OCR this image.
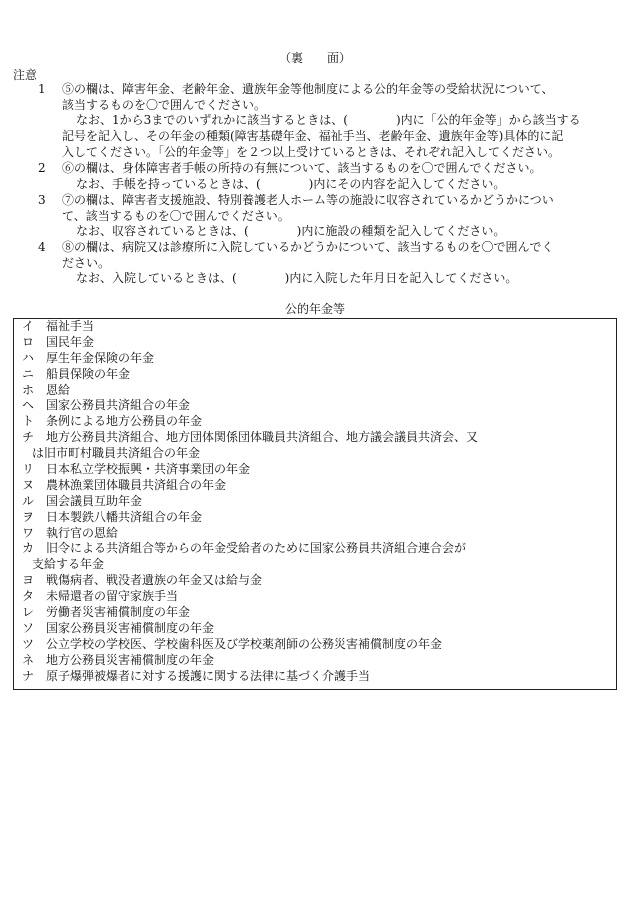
（裏　　面）
注意
1	⑤の欄は、障害年金、老齢年金、遺族年金等他制度による公的年金等の受給状況について、
該当するものを〇で囲んでください。
なお、1から3までのいずれかに該当するときは、(　　　　)内に「公的年金等」から該当する
記号を記入し、その年金の種類(障害基礎年金、福祉手当、老齢年金、遺族年金等)具体的に記
入してください。「公的年金等」を２つ以上受けているときは、それぞれ記入してください。
2	⑥の欄は、身体障害者手帳の所持の有無について、該当するものを〇で囲んでください。
なお、手帳を持っているときは、(　　　　)内にその内容を記入してください。
3	⑦の欄は、障害者支援施設、特別養護老人ホーム等の施設に収容されているかどうかについ
て、該当するものを〇で囲んでください。
なお、収容されているときは、(　　　　)内に施設の種類を記入してください。
4	⑧の欄は、病院又は診療所に入院しているかどうかについて、該当するものを〇で囲んでく
ださい。
なお、入院しているときは、(　　　　)内に入院した年月日を記入してください。
公的年金等
イ 福祉手当
ロ 国民年金
ハ 厚生年金保険の年金
ニ 船員保険の年金
ホ 恩給
ヘ 国家公務員共済組合の年金
ト 条例による地方公務員の年金
チ 地方公務員共済組合、地方団体関係団体職員共済組合、地方議会議員共済会、又
は旧市町村職員共済組合の年金
リ 日本私立学校振興・共済事業団の年金
ヌ 農林漁業団体職員共済組合の年金
ル 国会議員互助年金
ヲ 日本製鉄八幡共済組合の年金
ワ 執行官の恩給
カ 旧令による共済組合等からの年金受給者のために国家公務員共済組合連合会が
支給する年金
ヨ 戦傷病者、戦没者遺族の年金又は給与金
タ 未帰還者の留守家族手当
レ 労働者災害補償制度の年金
ソ 国家公務員災害補償制度の年金
ツ 公立学校の学校医、学校歯科医及び学校薬剤師の公務災害補償制度の年金
ネ 地方公務員災害補償制度の年金
ナ 原子爆弾被爆者に対する援護に関する法律に基づく介護手当
